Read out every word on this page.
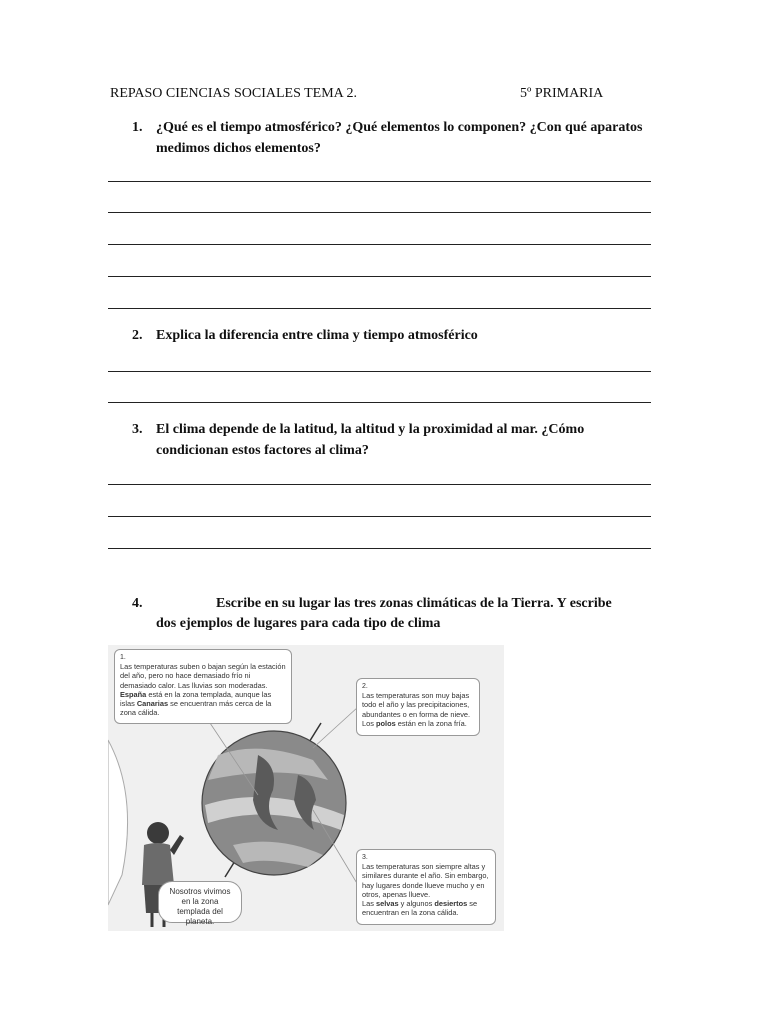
REPASO CIENCIAS SOCIALES TEMA 2.	5º PRIMARIA
1. ¿Qué es el tiempo atmosférico? ¿Qué elementos lo componen? ¿Con qué aparatos medimos dichos elementos?
2. Explica la diferencia entre clima y tiempo atmosférico
3. El clima depende de la latitud, la altitud y la proximidad al mar. ¿Cómo condicionan estos factores al clima?
4.	Escribe en su lugar las tres zonas climáticas de la Tierra. Y escribe
dos ejemplos de lugares para cada tipo de clima

1.

Las temperaturas suben o bajan según la estación del año, pero no hace demasiado frío ni demasiado calor. Las lluvias son moderadas. España está en la zona templada, aunque las islas Canarias se encuentran más cerca de la zona cálida.

2.

Las temperaturas son muy bajas todo el año y las precipitaciones, abundantes o en forma de nieve.

Los polos están en la zona fría.

3.

Las temperaturas son siempre altas y similares durante el año. Sin embargo, hay lugares donde llueve mucho y en otros, apenas llueve.

Las selvas y algunos desiertos se encuentran en la zona cálida.

Nosotros vivimos en la zona templada del planeta.
